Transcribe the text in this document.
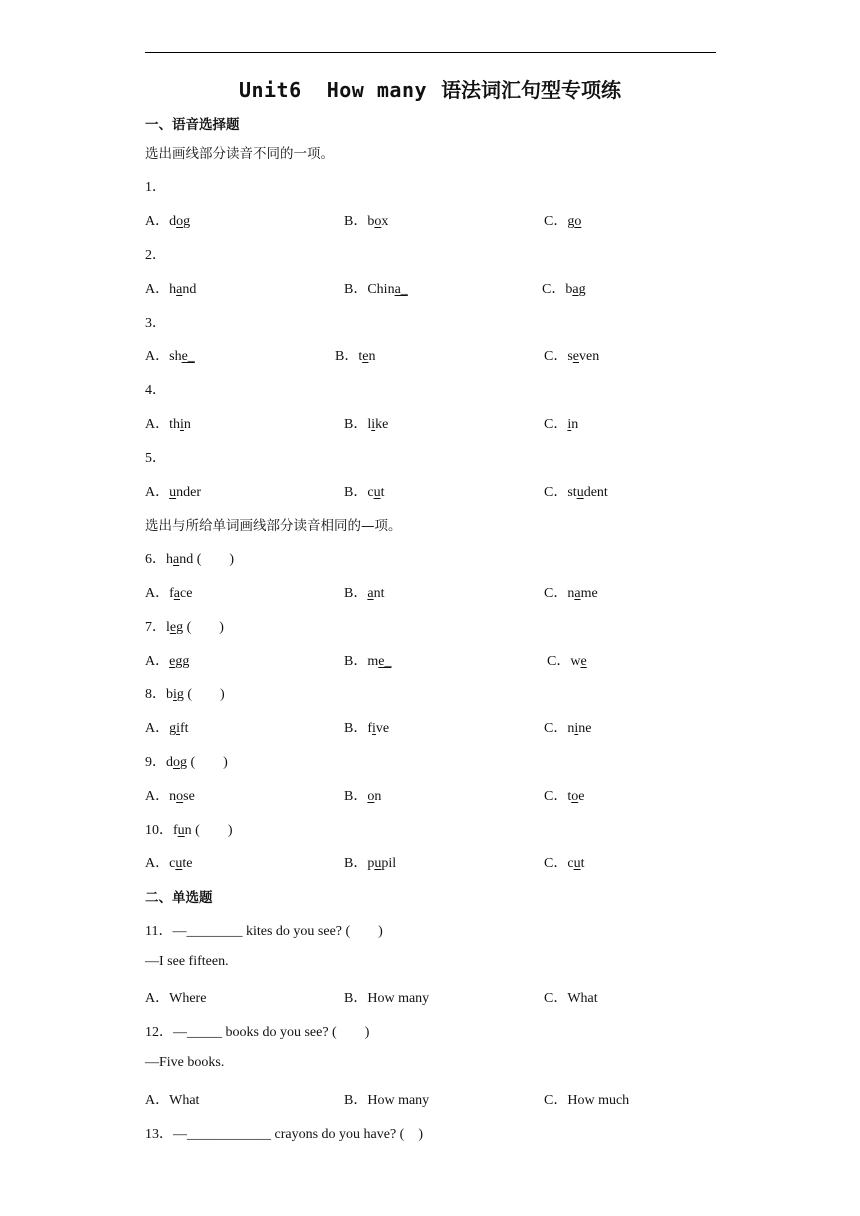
Unit6  How many 语法词汇句型专项练
一、语音选择题
选出画线部分读音不同的一项。
1．
A．dog	B．box	C．go
2．
A．hand	B．China_	C．bag
3．
A．she_	B．ten	C．seven
4．
A．thin	B．like	C．in
5．
A．under	B．cut	C．student
选出与所给单词画线部分读音相同的—项。
6．hand (　　)
A．face	B．ant	C．name
7．leg (　　)
A．egg	B．me_	C．we
8．big (　　)
A．gift	B．five	C．nine
9．dog (　　)
A．nose	B．on	C．toe
10．fun (　　)
A．cute	B．pupil	C．cut
二、单选题
11．—________ kites do you see? (　　)
—I see fifteen.
A．Where	B．How many	C．What
12．—_____ books do you see? (　　)
—Five books.
A．What	B．How many	C．How much
13．—____________ crayons do you have? (　)
